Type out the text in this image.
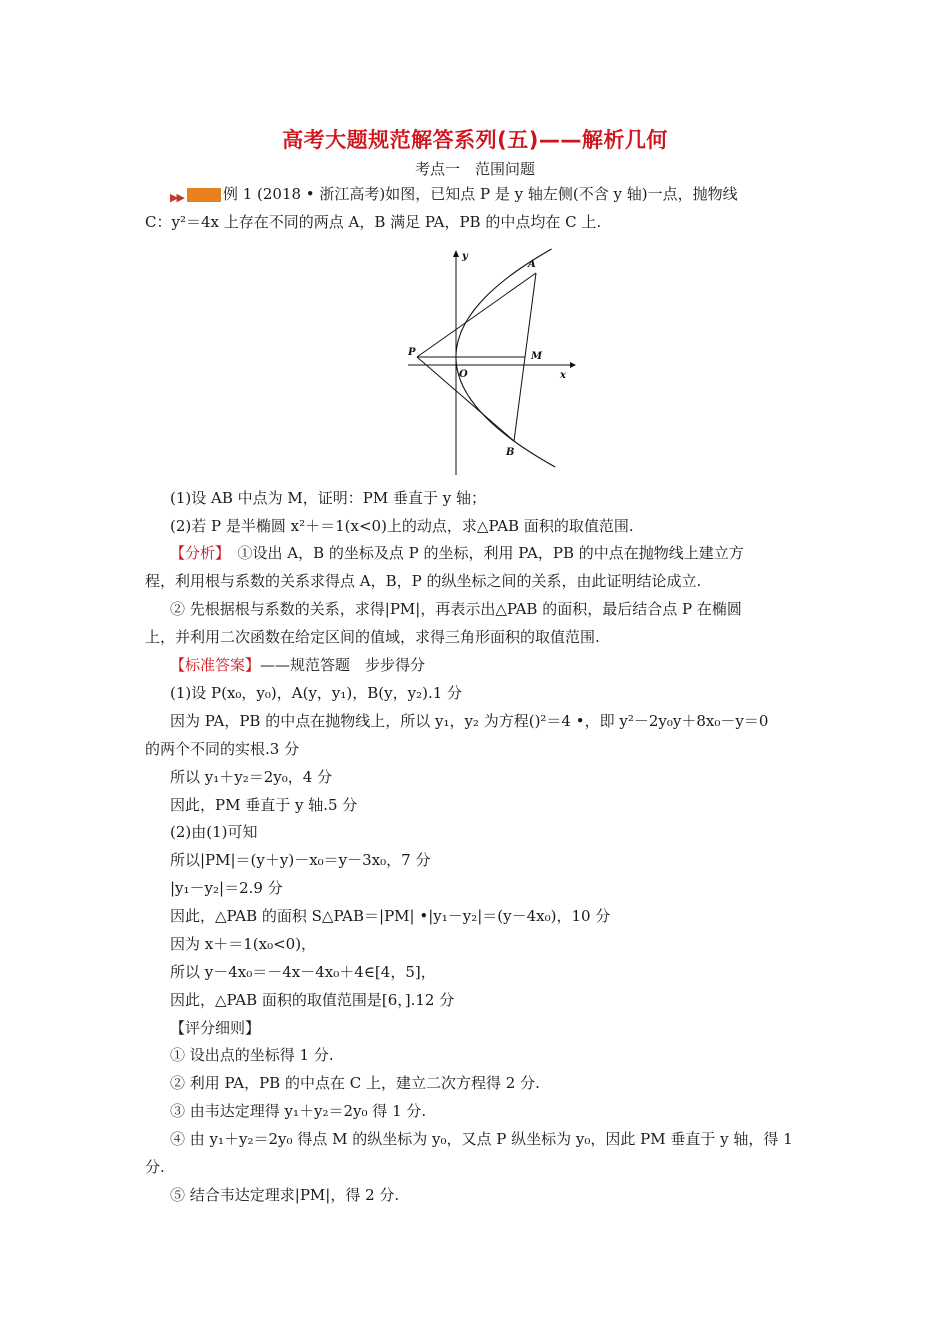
高考大题规范解答系列(五)——解析几何
考点一　范围问题
▶▶	例 1 (2018 • 浙江高考)如图，已知点 P 是 y 轴左侧(不含 y 轴)一点，抛物线
C：y²＝4x 上存在不同的两点 A，B 满足 PA，PB 的中点均在 C 上.
y
x
A
B
P	M
O
(1)设 AB 中点为 M，证明：PM 垂直于 y 轴；
(2)若 P 是半椭圆 x²＋＝1(x<0)上的动点，求△PAB 面积的取值范围.
【分析】　①设出 A，B 的坐标及点 P 的坐标，利用 PA，PB 的中点在抛物线上建立方
程，利用根与系数的关系求得点 A，B，P 的纵坐标之间的关系，由此证明结论成立.
② 先根据根与系数的关系，求得|PM|，再表示出△PAB 的面积，最后结合点 P 在椭圆
上，并利用二次函数在给定区间的值域，求得三角形面积的取值范围.
【标准答案】——规范答题　步步得分
(1)设 P(x₀，y₀)，A(y，y₁)，B(y，y₂).1 分
因为 PA，PB 的中点在抛物线上，所以 y₁，y₂ 为方程()²＝4 •，即 y²－2y₀y＋8x₀－y＝0
的两个不同的实根.3 分
所以 y₁＋y₂＝2y₀，4 分
因此，PM 垂直于 y 轴.5 分
(2)由(1)可知
所以|PM|＝(y＋y)－x₀＝y－3x₀，7 分
|y₁－y₂|＝2.9 分
因此，△PAB 的面积 S△PAB＝|PM| •|y₁－y₂|＝(y－4x₀)，10 分
因为 x＋＝1(x₀<0)，
所以 y－4x₀＝－4x－4x₀＋4∈[4，5]，
因此，△PAB 面积的取值范围是[6，].12 分
【评分细则】
① 设出点的坐标得 1 分.
② 利用 PA，PB 的中点在 C 上，建立二次方程得 2 分.
③ 由韦达定理得 y₁＋y₂＝2y₀ 得 1 分.
④ 由 y₁＋y₂＝2y₀ 得点 M 的纵坐标为 y₀，又点 P 纵坐标为 y₀，因此 PM 垂直于 y 轴，得 1
分.
⑤ 结合韦达定理求|PM|，得 2 分.
